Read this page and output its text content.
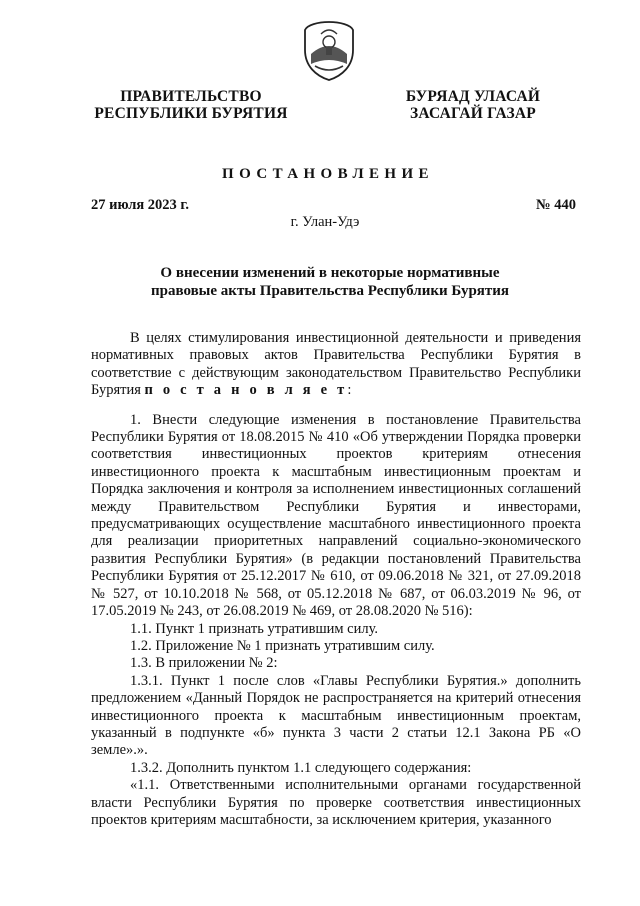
ПРАВИТЕЛЬСТВО
РЕСПУБЛИКИ БУРЯТИЯ
БУРЯАД УЛАСАЙ
ЗАСАГАЙ ГАЗАР
ПОСТАНОВЛЕНИЕ
27 июля 2023 г.	№ 440
г. Улан-Удэ
О внесении изменений в некоторые нормативные
правовые акты Правительства Республики Бурятия

В целях стимулирования инвестиционной деятельности и приведения нормативных правовых актов Правительства Республики Бурятия в соответствие с действующим законодательством Правительство Республики Бурятия п о с т а н о в л я е т:

1. Внести следующие изменения в постановление Правительства Республики Бурятия от 18.08.2015 № 410 «Об утверждении Порядка проверки соответствия инвестиционных проектов критериям отнесения инвестиционного проекта к масштабным инвестиционным проектам и Порядка заключения и контроля за исполнением инвестиционных соглашений между Правительством Республики Бурятия и инвесторами, предусматривающих осуществление масштабного инвестиционного проекта для реализации приоритетных направлений социально-экономического развития Республики Бурятия» (в редакции постановлений Правительства Республики Бурятия от 25.12.2017 № 610, от 09.06.2018 № 321, от 27.09.2018 № 527, от 10.10.2018 № 568, от 05.12.2018 № 687, от 06.03.2019 № 96, от 17.05.2019 № 243, от 26.08.2019 № 469, от 28.08.2020 № 516):

1.1. Пункт 1 признать утратившим силу.

1.2. Приложение № 1 признать утратившим силу.

1.3. В приложении № 2:

1.3.1. Пункт 1 после слов «Главы Республики Бурятия.» дополнить предложением «Данный Порядок не распространяется на критерий отнесения инвестиционного проекта к масштабным инвестиционным проектам, указанный в подпункте «б» пункта 3 части 2 статьи 12.1 Закона РБ «О земле».».

1.3.2. Дополнить пунктом 1.1 следующего содержания:

«1.1. Ответственными исполнительными органами государственной власти Республики Бурятия по проверке соответствия инвестиционных проектов критериям масштабности, за исключением критерия, указанного
